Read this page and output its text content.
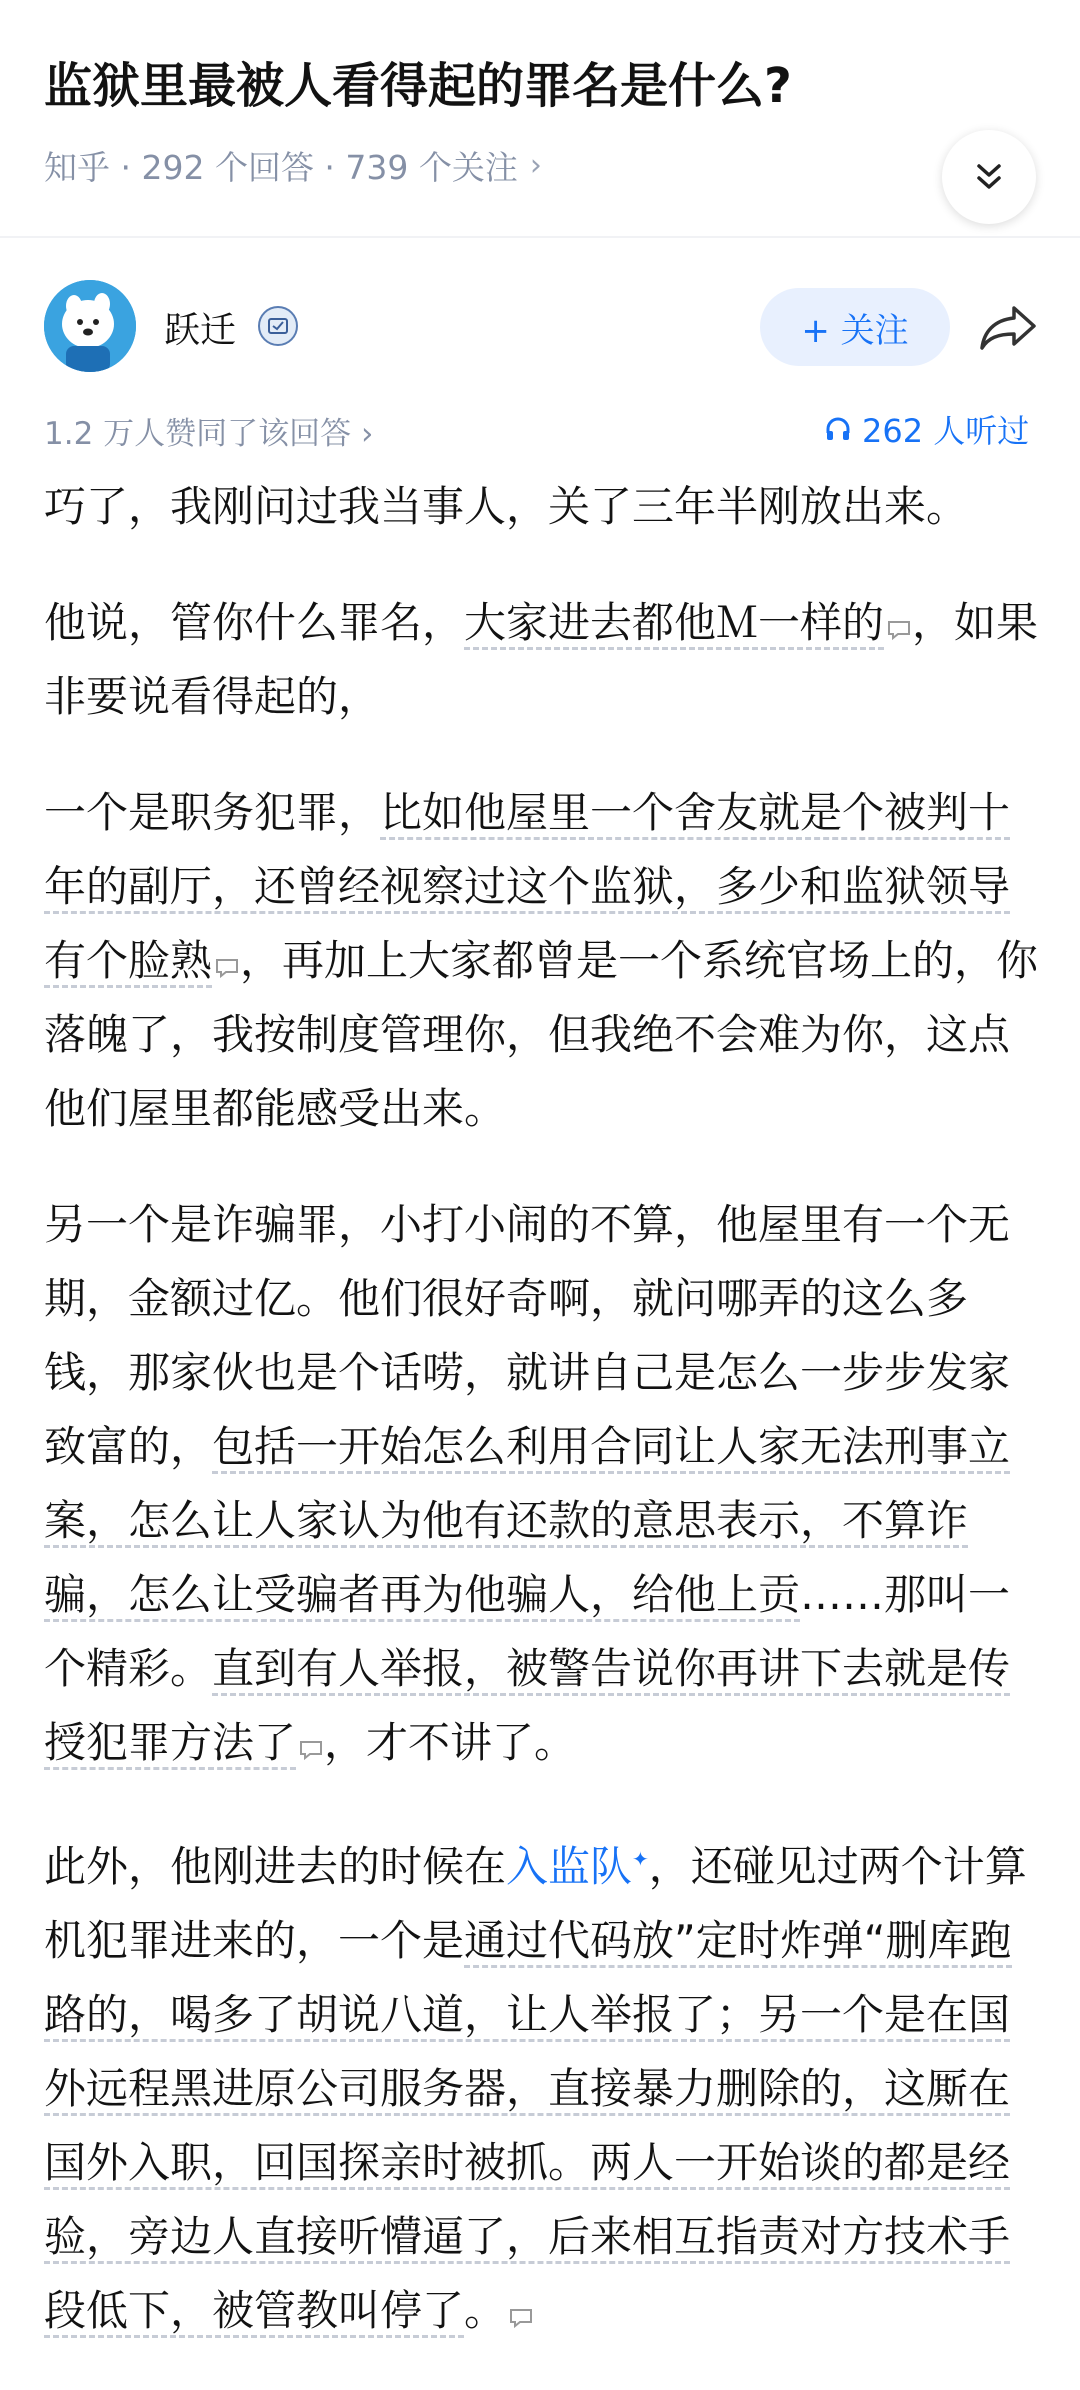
监狱里最被人看得起的罪名是什么?
知乎 · 292 个回答 · 739 个关注 ›
跃迁	+ 关注
1.2 万人赞同了该回答 ›	262 人听过

巧了，我刚问过我当事人，关了三年半刚放出来。

他说，管你什么罪名，大家进去都他Ｍ一样的 ，如果非要说看得起的，

一个是职务犯罪，比如他屋里一个舍友就是个被判十年的副厅，还曾经视察过这个监狱，多少和监狱领导有个脸熟 ，再加上大家都曾是一个系统官场上的，你落魄了，我按制度管理你，但我绝不会难为你，这点他们屋里都能感受出来。

另一个是诈骗罪，小打小闹的不算，他屋里有一个无期，金额过亿。他们很好奇啊，就问哪弄的这么多钱，那家伙也是个话唠，就讲自己是怎么一步步发家致富的，包括一开始怎么利用合同让人家无法刑事立案，怎么让人家认为他有还款的意思表示，不算诈骗，怎么让受骗者再为他骗人，给他上贡……那叫一个精彩。直到有人举报，被警告说你再讲下去就是传授犯罪方法了 ，才不讲了。

此外，他刚进去的时候在入监队✦，还碰见过两个计算机犯罪进来的，一个是通过代码放”定时炸弹“删库跑路的，喝多了胡说八道，让人举报了；另一个是在国外远程黑进原公司服务器，直接暴力删除的，这厮在国外入职，回国探亲时被抓。两人一开始谈的都是经验，旁边人直接听懵逼了，后来相互指责对方技术手段低下，被管教叫停了。
